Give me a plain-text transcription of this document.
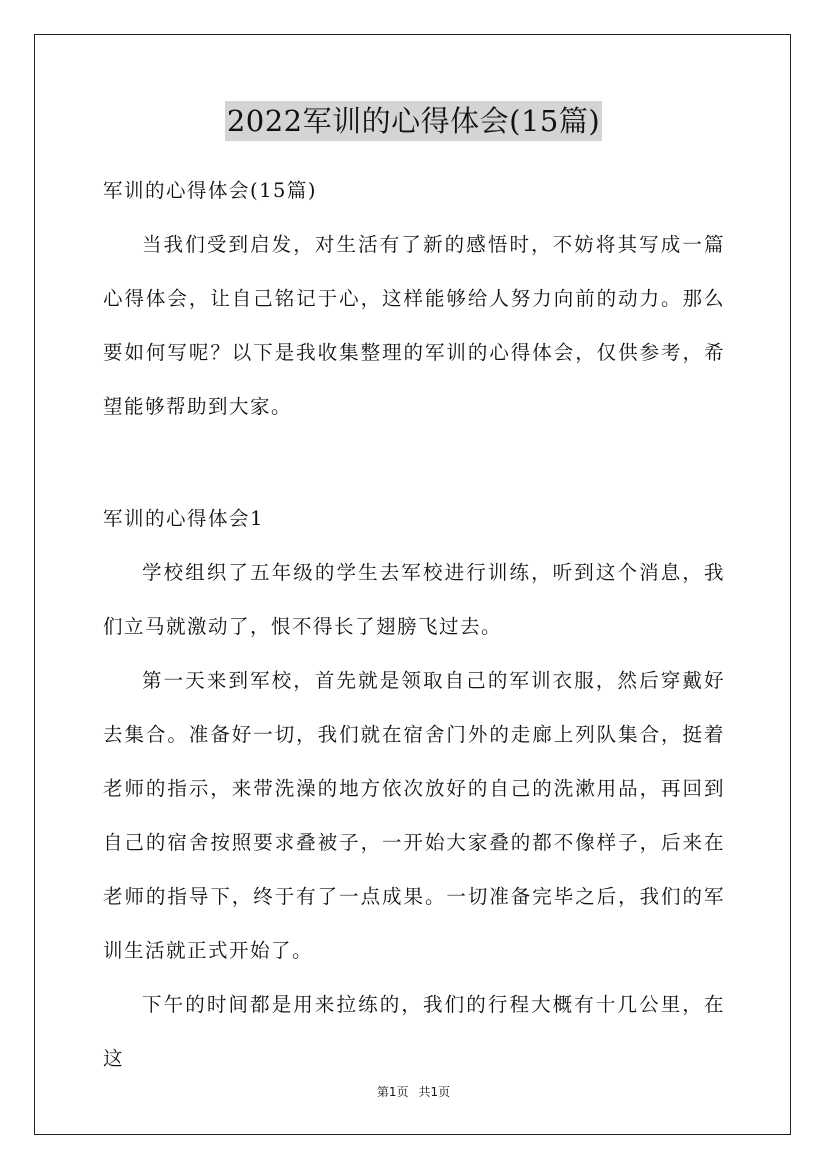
2022军训的心得体会(15篇)
军训的心得体会(15篇)
当我们受到启发，对生活有了新的感悟时，不妨将其写成一篇心得体会，让自己铭记于心，这样能够给人努力向前的动力。那么要如何写呢？以下是我收集整理的军训的心得体会，仅供参考，希望能够帮助到大家。
军训的心得体会1
学校组织了五年级的学生去军校进行训练，听到这个消息，我们立马就激动了，恨不得长了翅膀飞过去。
第一天来到军校，首先就是领取自己的军训衣服，然后穿戴好去集合。准备好一切，我们就在宿舍门外的走廊上列队集合，挺着老师的指示，来带洗澡的地方依次放好的自己的洗漱用品，再回到自己的宿舍按照要求叠被子，一开始大家叠的都不像样子，后来在老师的指导下，终于有了一点成果。一切准备完毕之后，我们的军训生活就正式开始了。
下午的时间都是用来拉练的，我们的行程大概有十几公里，在这
第1页 共1页
